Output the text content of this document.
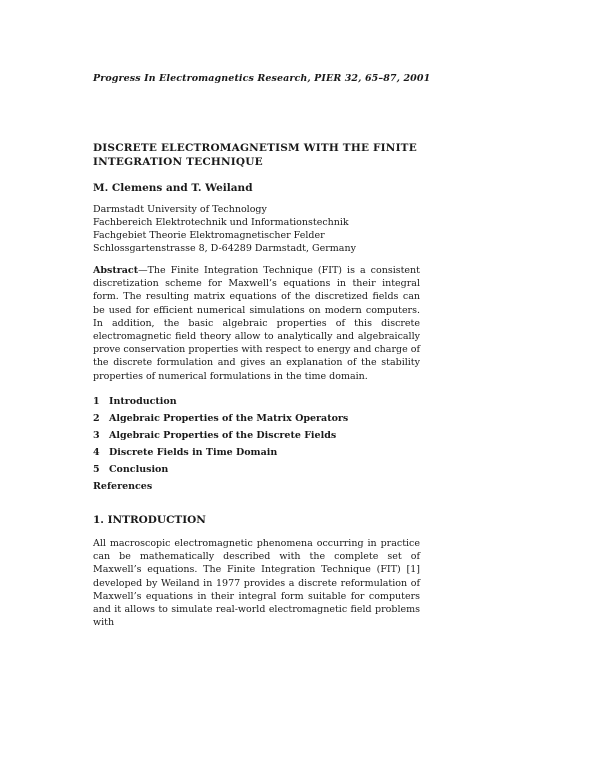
Progress In Electromagnetics Research, PIER 32, 65–87, 2001
DISCRETE ELECTROMAGNETISM WITH THE FINITE INTEGRATION TECHNIQUE
M. Clemens and T. Weiland
Darmstadt University of Technology
Fachbereich Elektrotechnik und Informationstechnik
Fachgebiet Theorie Elektromagnetischer Felder
Schlossgartenstrasse 8, D-64289 Darmstadt, Germany
Abstract—The Finite Integration Technique (FIT) is a consistent discretization scheme for Maxwell’s equations in their integral form. The resulting matrix equations of the discretized fields can be used for efficient numerical simulations on modern computers. In addition, the basic algebraic properties of this discrete electromagnetic field theory allow to analytically and algebraically prove conservation properties with respect to energy and charge of the discrete formulation and gives an explanation of the stability properties of numerical formulations in the time domain.
1 Introduction
2 Algebraic Properties of the Matrix Operators
3 Algebraic Properties of the Discrete Fields
4 Discrete Fields in Time Domain
5 Conclusion
References
1. INTRODUCTION
All macroscopic electromagnetic phenomena occurring in practice can be mathematically described with the complete set of Maxwell’s equations. The Finite Integration Technique (FIT) [1] developed by Weiland in 1977 provides a discrete reformulation of Maxwell’s equations in their integral form suitable for computers and it allows to simulate real-world electromagnetic field problems with
